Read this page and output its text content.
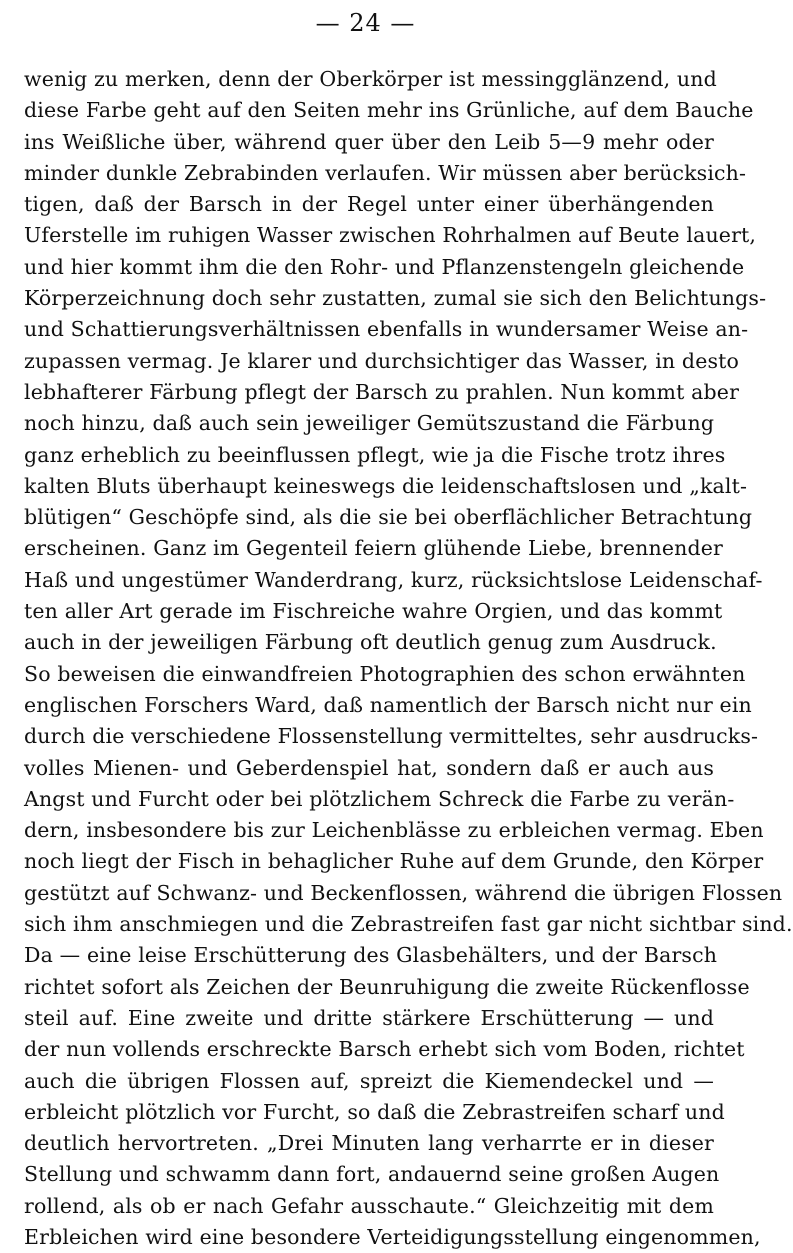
— 24 —
wenig zu merken, denn der Oberkörper ist messingglänzend, und
diese Farbe geht auf den Seiten mehr ins Grünliche, auf dem Bauche
ins Weißliche über, während quer über den Leib 5—9 mehr oder
minder dunkle Zebrabinden verlaufen. Wir müssen aber berücksich-
tigen, daß der Barsch in der Regel unter einer überhängenden
Uferstelle im ruhigen Wasser zwischen Rohrhalmen auf Beute lauert,
und hier kommt ihm die den Rohr- und Pflanzenstengeln gleichende
Körperzeichnung doch sehr zustatten, zumal sie sich den Belichtungs-
und Schattierungsverhältnissen ebenfalls in wundersamer Weise an-
zupassen vermag. Je klarer und durchsichtiger das Wasser, in desto
lebhafterer Färbung pflegt der Barsch zu prahlen. Nun kommt aber
noch hinzu, daß auch sein jeweiliger Gemütszustand die Färbung
ganz erheblich zu beeinflussen pflegt, wie ja die Fische trotz ihres
kalten Bluts überhaupt keineswegs die leidenschaftslosen und „kalt-
blütigen“ Geschöpfe sind, als die sie bei oberflächlicher Betrachtung
erscheinen. Ganz im Gegenteil feiern glühende Liebe, brennender
Haß und ungestümer Wanderdrang, kurz, rücksichtslose Leidenschaf-
ten aller Art gerade im Fischreiche wahre Orgien, und das kommt
auch in der jeweiligen Färbung oft deutlich genug zum Ausdruck.
So beweisen die einwandfreien Photographien des schon erwähnten
englischen Forschers Ward, daß namentlich der Barsch nicht nur ein
durch die verschiedene Flossenstellung vermitteltes, sehr ausdrucks-
volles Mienen- und Geberdenspiel hat, sondern daß er auch aus
Angst und Furcht oder bei plötzlichem Schreck die Farbe zu verän-
dern, insbesondere bis zur Leichenblässe zu erbleichen vermag. Eben
noch liegt der Fisch in behaglicher Ruhe auf dem Grunde, den Körper
gestützt auf Schwanz- und Beckenflossen, während die übrigen Flossen
sich ihm anschmiegen und die Zebrastreifen fast gar nicht sichtbar sind.
Da — eine leise Erschütterung des Glasbehälters, und der Barsch
richtet sofort als Zeichen der Beunruhigung die zweite Rückenflosse
steil auf. Eine zweite und dritte stärkere Erschütterung — und
der nun vollends erschreckte Barsch erhebt sich vom Boden, richtet
auch die übrigen Flossen auf, spreizt die Kiemendeckel und —
erbleicht plötzlich vor Furcht, so daß die Zebrastreifen scharf und
deutlich hervortreten. „Drei Minuten lang verharrte er in dieser
Stellung und schwamm dann fort, andauernd seine großen Augen
rollend, als ob er nach Gefahr ausschaute.“ Gleichzeitig mit dem
Erbleichen wird eine besondere Verteidigungsstellung eingenommen,
